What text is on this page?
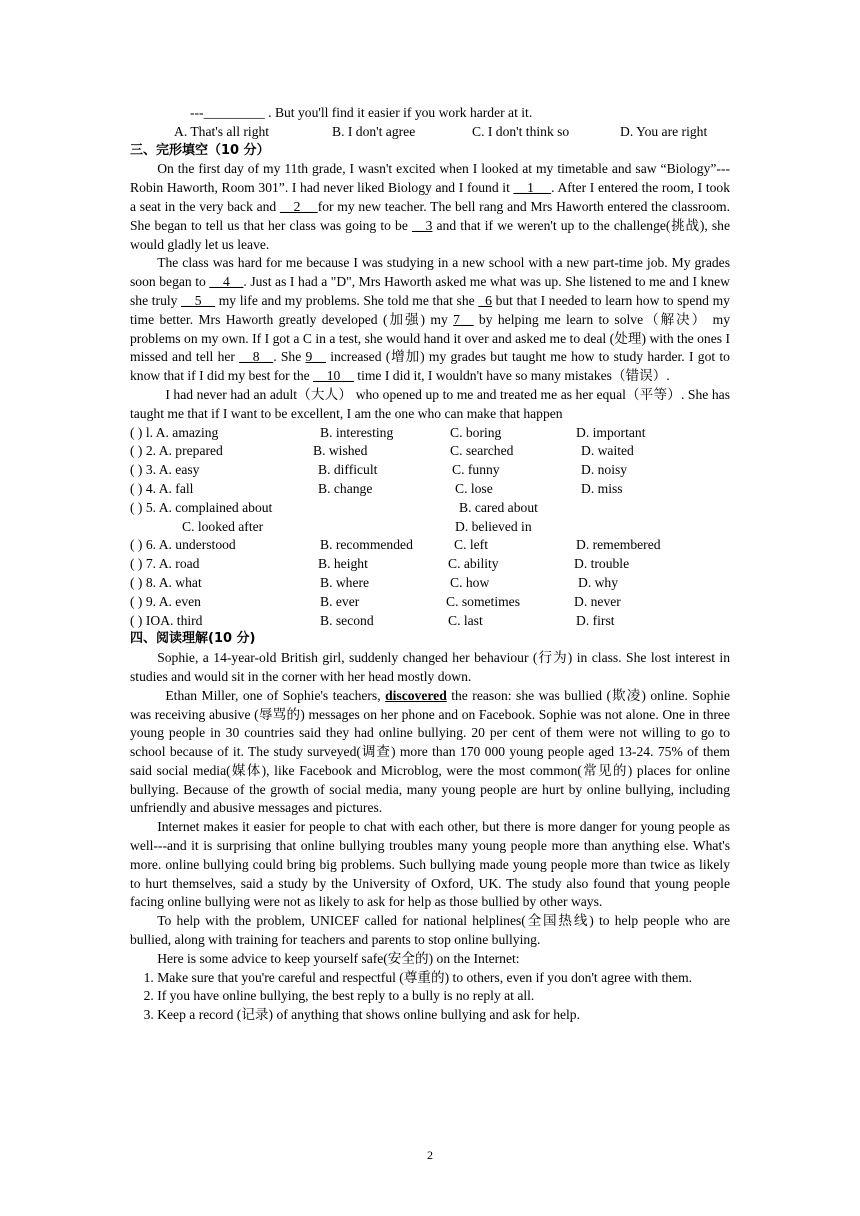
---_________ . But you'll find it easier if you work harder at it.

A. That's all right	B. I don't agree	C. I don't think so	D. You are right

三、完形填空（10 分）

On the first day of my 11th grade, I wasn't excited when I looked at my timetable and saw “Biology”---Robin Haworth, Room 301”. I had never liked Biology and I found it __1__ . After I entered the room, I took a seat in the very back and __2__ for my new teacher. The bell rang and Mrs Haworth entered the classroom. She began to tell us that her class was going to be __3 and that if we weren't up to the challenge(挑战), she would gladly let us leave.

The class was hard for me because I was studying in a new school with a new part-time job. My grades soon began to __4__. Just as I had a "D", Mrs Haworth asked me what was up. She listened to me and I knew she truly __5__ my life and my problems. She told me that she _6 but that I needed to learn how to spend my time better. Mrs Haworth greatly developed (加强) my 7__ by helping me learn to solve（解决） my problems on my own. If I got a C in a test, she would hand it over and asked me to deal (处理) with the ones I missed and tell her __8__. She 9__ increased (增加) my grades but taught me how to study harder. I got to know that if I did my best for the __10__ time I did it, I wouldn't have so many mistakes（错误）.

I had never had an adult（大人） who opened up to me and treated me as her equal（平等）. She has taught me that if I want to be excellent, I am the one who can make that happen

( ) l. A. amazing	B. interesting	C. boring	D. important
( ) 2. A. prepared	B. wished	C. searched	D. waited
( ) 3. A. easy	B. difficult	C. funny	D. noisy
( ) 4. A. fall	B. change	C. lose	D. miss
( ) 5. A. complained about	B. cared about
C. looked after	D. believed in
( ) 6. A. understood	B. recommended	C. left	D. remembered
( ) 7. A. road	B. height	C. ability	D. trouble
( ) 8. A. what	B. where	C. how	D. why
( ) 9. A. even	B. ever	C. sometimes	D. never
( ) IOA. third	B. second	C. last	D. first

四、阅读理解(10 分)

Sophie, a 14-year-old British girl, suddenly changed her behaviour (行为) in class. She lost interest in studies and would sit in the corner with her head mostly down.

Ethan Miller, one of Sophie's teachers, discovered the reason: she was bullied (欺凌) online. Sophie was receiving abusive (辱骂的) messages on her phone and on Facebook. Sophie was not alone. One in three young people in 30 countries said they had online bullying. 20 per cent of them were not willing to go to school because of it. The study surveyed(调查) more than 170 000 young people aged 13-24. 75% of them said social media(媒体), like Facebook and Microblog, were the most common(常见的) places for online bullying. Because of the growth of social media, many young people are hurt by online bullying, including unfriendly and abusive messages and pictures.

Internet makes it easier for people to chat with each other, but there is more danger for young people as well---and it is surprising that online bullying troubles many young people more than anything else. What's more. online bullying could bring big problems. Such bullying made young people more than twice as likely to hurt themselves, said a study by the University of Oxford, UK. The study also found that young people facing online bullying were not as likely to ask for help as those bullied by other ways.

To help with the problem, UNICEF called for national helplines(全国热线) to help people who are bullied, along with training for teachers and parents to stop online bullying.

Here is some advice to keep yourself safe(安全的) on the Internet:

1. Make sure that you're careful and respectful (尊重的) to others, even if you don't agree with them.

2. If you have online bullying, the best reply to a bully is no reply at all.

3. Keep a record (记录) of anything that shows online bullying and ask for help.

2
